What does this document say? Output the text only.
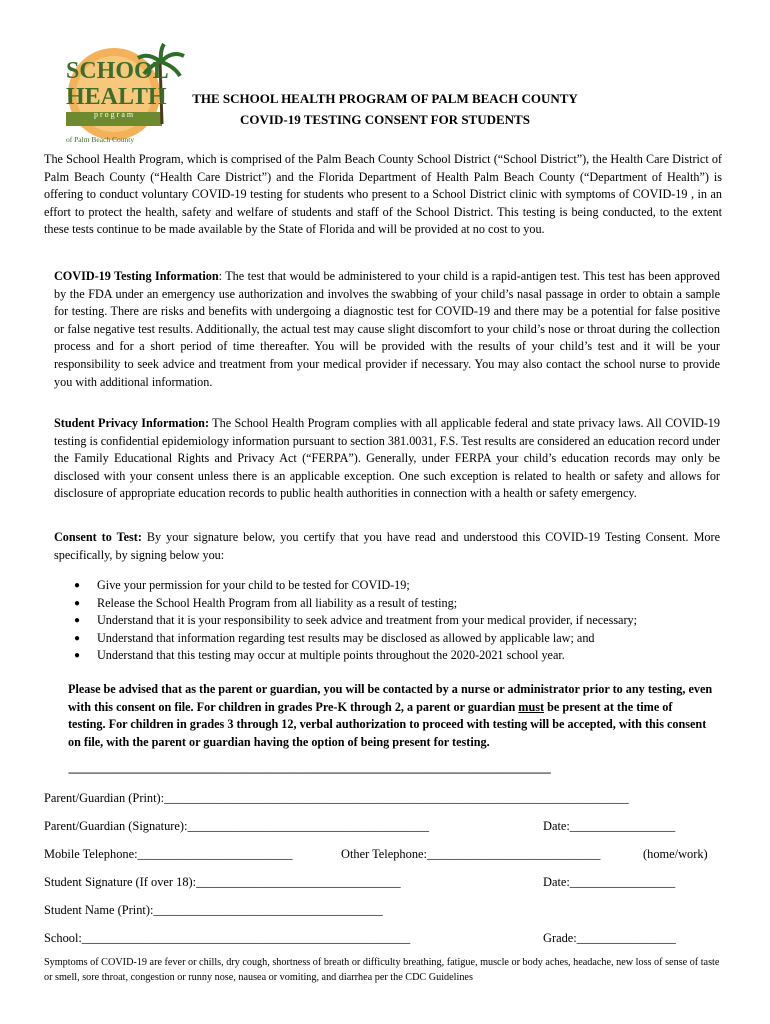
SCHOOL
HEALTH
program
of Palm Beach County
THE SCHOOL HEALTH PROGRAM OF PALM BEACH COUNTY
COVID-19 TESTING CONSENT FOR STUDENTS
The School Health Program, which is comprised of the Palm Beach County School District (“School District”), the Health Care District of Palm Beach County (“Health Care District”) and the Florida Department of Health Palm Beach County (“Department of Health”) is offering to conduct voluntary COVID-19 testing for students who present to a School District clinic with symptoms of COVID-19 , in an effort to protect the health, safety and welfare of students and staff of the School District. This testing is being conducted, to the extent these tests continue to be made available by the State of Florida and will be provided at no cost to you.
COVID-19 Testing Information: The test that would be administered to your child is a rapid-antigen test. This test has been approved by the FDA under an emergency use authorization and involves the swabbing of your child’s nasal passage in order to obtain a sample for testing. There are risks and benefits with undergoing a diagnostic test for COVID-19 and there may be a potential for false positive or false negative test results. Additionally, the actual test may cause slight discomfort to your child’s nose or throat during the collection process and for a short period of time thereafter. You will be provided with the results of your child’s test and it will be your responsibility to seek advice and treatment from your medical provider if necessary. You may also contact the school nurse to provide you with additional information.
Student Privacy Information: The School Health Program complies with all applicable federal and state privacy laws. All COVID-19 testing is confidential epidemiology information pursuant to section 381.0031, F.S. Test results are considered an education record under the Family Educational Rights and Privacy Act (“FERPA”). Generally, under FERPA your child’s education records may only be disclosed with your consent unless there is an applicable exception. One such exception is related to health or safety and allows for disclosure of appropriate education records to public health authorities in connection with a health or safety emergency.
Consent to Test: By your signature below, you certify that you have read and understood this COVID-19 Testing Consent. More specifically, by signing below you:
● Give your permission for your child to be tested for COVID-19;
● Release the School Health Program from all liability as a result of testing;
● Understand that it is your responsibility to seek advice and treatment from your medical provider, if necessary;
● Understand that information regarding test results may be disclosed as allowed by applicable law; and
● Understand that this testing may occur at multiple points throughout the 2020-2021 school year.
Please be advised that as the parent or guardian, you will be contacted by a nurse or administrator prior to any testing, even with this consent on file. For children in grades Pre-K through 2, a parent or guardian must be present at the time of testing. For children in grades 3 through 12, verbal authorization to proceed with testing will be accepted, with this consent on file, with the parent or guardian having the option of being present for testing.
-----------------------------------------------------------------------------------------------------------------------------------------------------------------
Parent/Guardian (Print):___________________________________________________________________________
Parent/Guardian (Signature):_______________________________________	Date:_________________
Mobile Telephone:_________________________	Other Telephone:____________________________	(home/work)
Student Signature (If over 18):_________________________________	Date:_________________
Student Name (Print):_____________________________________
School:_____________________________________________________	Grade:________________
Symptoms of COVID-19 are fever or chills, dry cough, shortness of breath or difficulty breathing, fatigue, muscle or body aches, headache, new loss of sense of taste or smell, sore throat, congestion or runny nose, nausea or vomiting, and diarrhea per the CDC Guidelines
